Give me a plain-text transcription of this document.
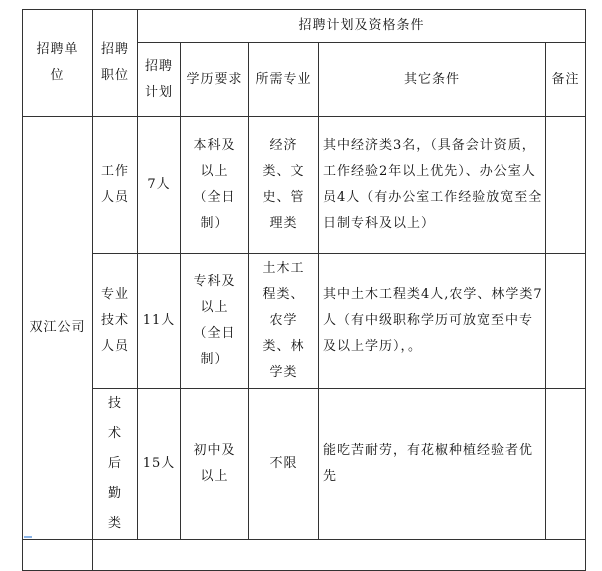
招聘单位	招聘职位	招聘计划及资格条件				
		招聘计划	学历要求	所需专业	其它条件	备注
双江公司	工作人员	7人	本科及以上（全日制）	经济类、文史、管理类	其中经济类3名，（具备会计资质，工作经验2年以上优先）、办公室人员4人（有办公室工作经验放宽至全日制专科及以上）	
	专业技术人员	11人	专科及以上（全日制）	土木工程类、农学类、林学类	其中土木工程类4人,农学、林学类7人（有中级职称学历可放宽至中专及以上学历），。	
	技术后勤类	15人	初中及以上	不限	能吃苦耐劳，有花椒种植经验者优先	
